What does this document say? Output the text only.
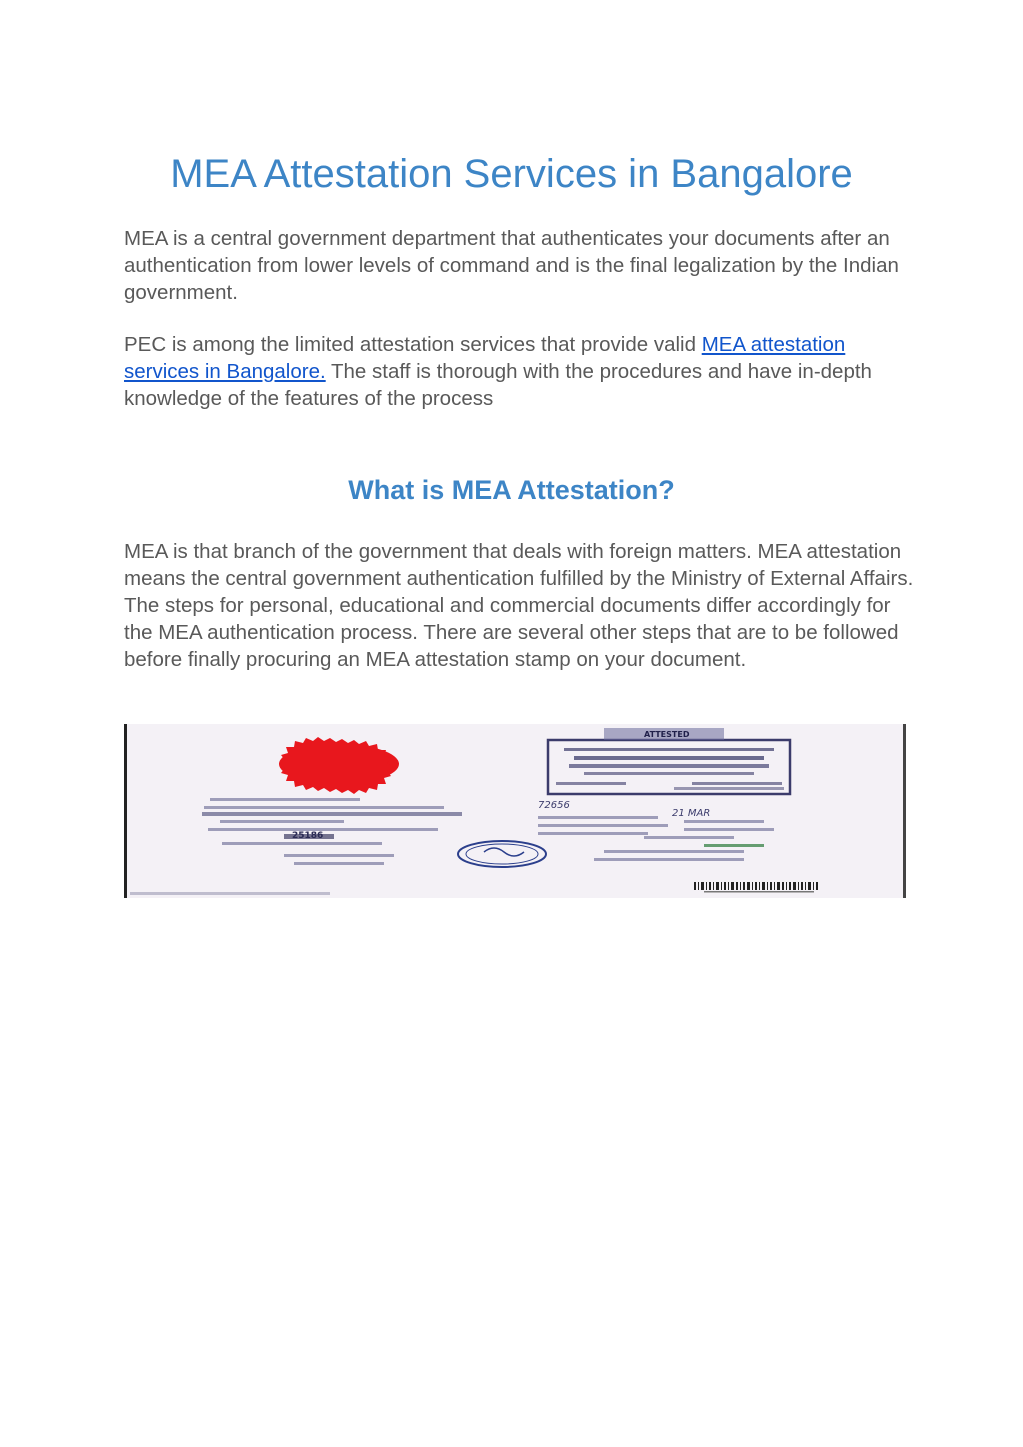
MEA Attestation Services in Bangalore

MEA is a central government department that authenticates your documents after an authentication from lower levels of command and is the final legalization by the Indian government.

PEC is among the limited attestation services that provide valid MEA attestation services in Bangalore. The staff is thorough with the procedures and have in-depth knowledge of the features of the process

What is MEA Attestation?

MEA is that branch of the government that deals with foreign matters. MEA attestation means the central government authentication fulfilled by the Ministry of External Affairs. The steps for personal, educational and commercial documents differ accordingly for the MEA authentication process. There are several other steps that are to be followed before finally procuring an MEA attestation stamp on your document.

ATTESTED
25186
72656
21 MAR
